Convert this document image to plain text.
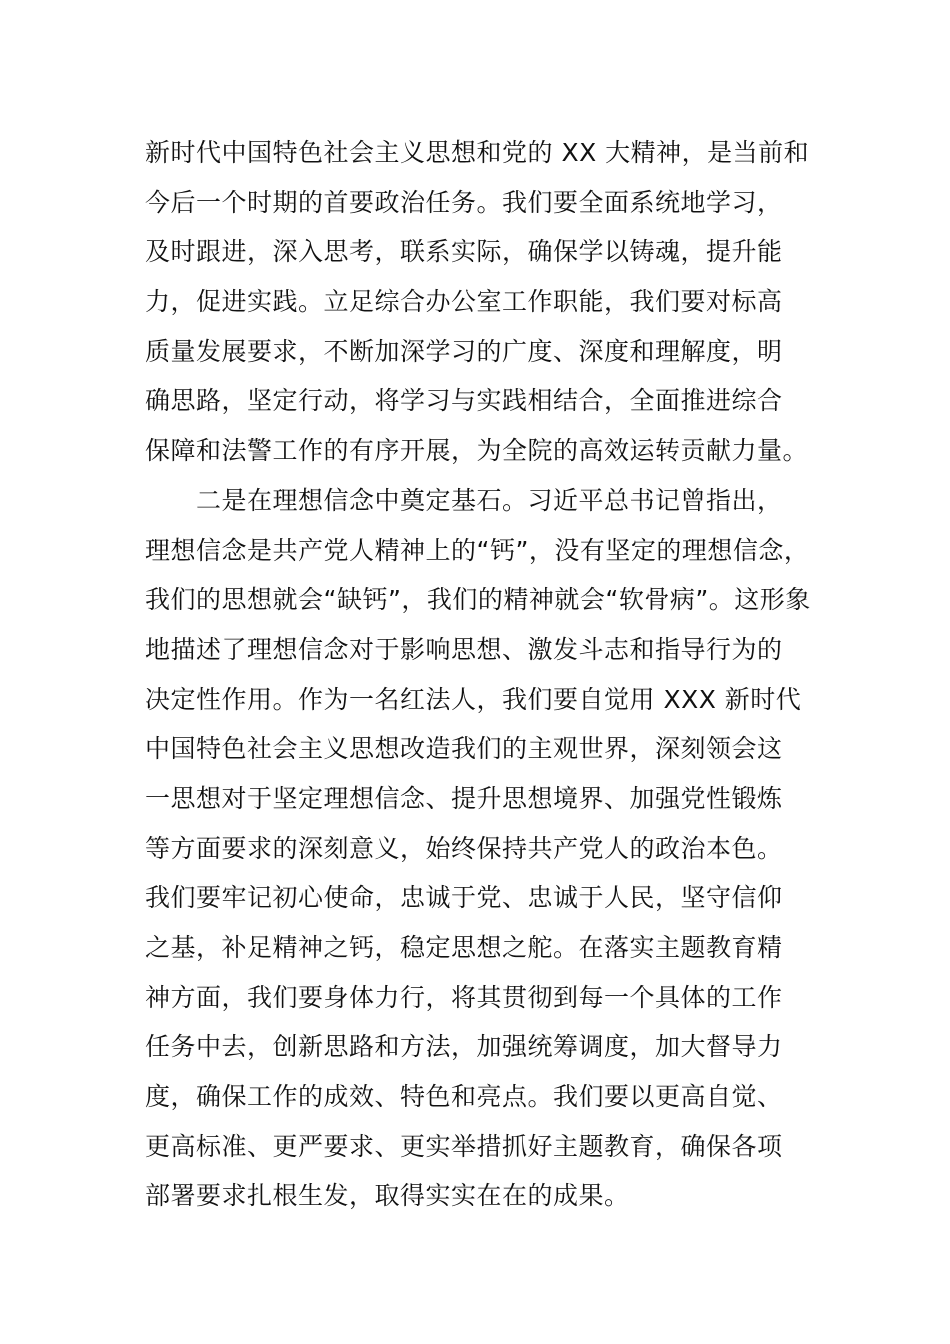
新时代中国特色社会主义思想和党的 XX 大精神，是当前和
今后一个时期的首要政治任务。我们要全面系统地学习，
及时跟进，深入思考，联系实际，确保学以铸魂，提升能
力，促进实践。立足综合办公室工作职能，我们要对标高
质量发展要求，不断加深学习的广度、深度和理解度，明
确思路，坚定行动，将学习与实践相结合，全面推进综合
保障和法警工作的有序开展，为全院的高效运转贡献力量。
　　二是在理想信念中奠定基石。习近平总书记曾指出，
理想信念是共产党人精神上的“钙”，没有坚定的理想信念，
我们的思想就会“缺钙”，我们的精神就会“软骨病”。这形象
地描述了理想信念对于影响思想、激发斗志和指导行为的
决定性作用。作为一名红法人，我们要自觉用 XXX 新时代
中国特色社会主义思想改造我们的主观世界，深刻领会这
一思想对于坚定理想信念、提升思想境界、加强党性锻炼
等方面要求的深刻意义，始终保持共产党人的政治本色。
我们要牢记初心使命，忠诚于党、忠诚于人民，坚守信仰
之基，补足精神之钙，稳定思想之舵。在落实主题教育精
神方面，我们要身体力行，将其贯彻到每一个具体的工作
任务中去，创新思路和方法，加强统筹调度，加大督导力
度，确保工作的成效、特色和亮点。我们要以更高自觉、
更高标准、更严要求、更实举措抓好主题教育，确保各项
部署要求扎根生发，取得实实在在的成果。
